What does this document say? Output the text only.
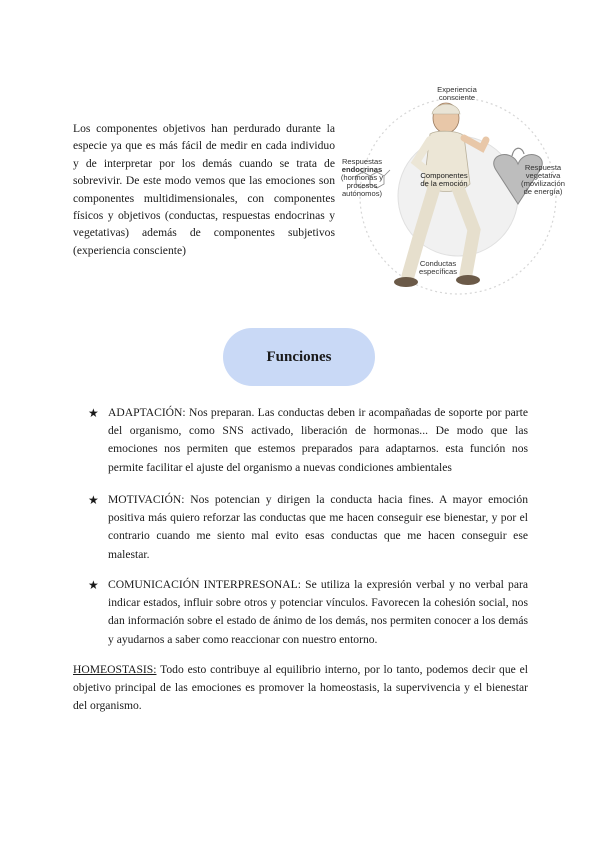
Los componentes objetivos han perdurado durante la especie ya que es más fácil de medir en cada individuo y de interpretar por los demás cuando se trata de sobrevivir. De este modo vemos que las emociones son componentes multidimensionales, con componentes físicos y objetivos (conductas, respuestas endocrinas y vegetativas) además de componentes subjetivos (experiencia consciente)

Experiencia
consciente
Respuestas
endocrinas
(hormonas y
procesos
autónomos)
Componentes
de la emoción
Respuesta
vegetativa
(movilización
de energía)
Conductas
específicas
Funciones
★ ADAPTACIÓN: Nos preparan. Las conductas deben ir acompañadas de soporte por parte del organismo, como SNS activado, liberación de hormonas... De modo que las emociones nos permiten que estemos preparados para adaptarnos. esta función nos permite facilitar el ajuste del organismo a nuevas condiciones ambientales
★ MOTIVACIÓN: Nos potencian y dirigen la conducta hacia fines. A mayor emoción positiva más quiero reforzar las conductas que me hacen conseguir ese bienestar, y por el contrario cuando me siento mal evito esas conductas que me hacen conseguir ese malestar.
★ COMUNICACIÓN INTERPRESONAL: Se utiliza la expresión verbal y no verbal para indicar estados, influir sobre otros y potenciar vínculos. Favorecen la cohesión social, nos dan información sobre el estado de ánimo de los demás, nos permiten conocer a los demás y ayudarnos a saber como reaccionar con nuestro entorno.

HOMEOSTASIS: Todo esto contribuye al equilibrio interno, por lo tanto, podemos decir que el objetivo principal de las emociones es promover la homeostasis, la supervivencia y el bienestar del organismo.
